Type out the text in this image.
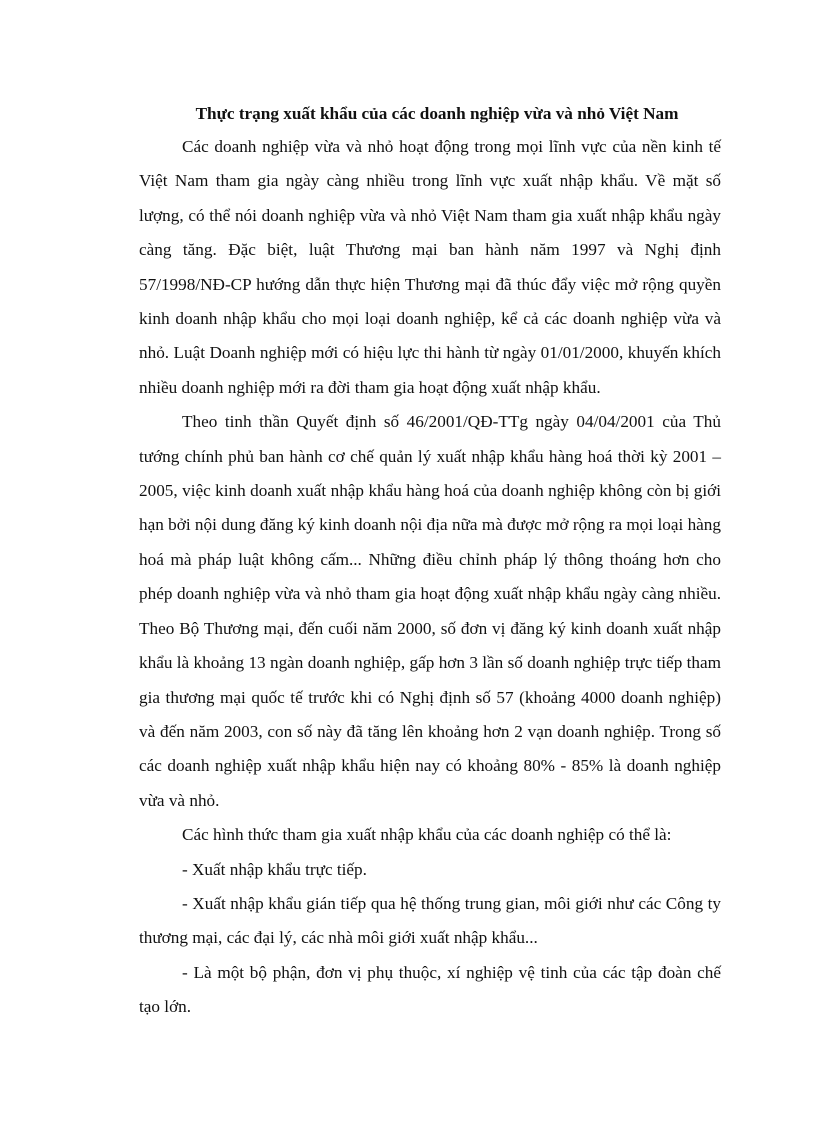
Thực trạng xuất khẩu của các doanh nghiệp vừa và nhỏ Việt Nam

Các doanh nghiệp vừa và nhỏ hoạt động trong mọi lĩnh vực của nền kinh tế Việt Nam tham gia ngày càng nhiều trong lĩnh vực xuất nhập khẩu. Về mặt số lượng, có thể nói doanh nghiệp vừa và nhỏ Việt Nam tham gia xuất nhập khẩu ngày càng tăng. Đặc biệt, luật Thương mại ban hành năm 1997 và Nghị định 57/1998/NĐ-CP hướng dẫn thực hiện Thương mại đã thúc đẩy việc mở rộng quyền kinh doanh nhập khẩu cho mọi loại doanh nghiệp, kể cả các doanh nghiệp vừa và nhỏ. Luật Doanh nghiệp mới có hiệu lực thi hành từ ngày 01/01/2000, khuyến khích nhiều doanh nghiệp mới ra đời tham gia hoạt động xuất nhập khẩu.

Theo tinh thần Quyết định số 46/2001/QĐ-TTg ngày 04/04/2001 của Thủ tướng chính phủ ban hành cơ chế quản lý xuất nhập khẩu hàng hoá thời kỳ 2001 – 2005, việc kinh doanh xuất nhập khẩu hàng hoá của doanh nghiệp không còn bị giới hạn bởi nội dung đăng ký kinh doanh nội địa nữa mà được mở rộng ra mọi loại hàng hoá mà pháp luật không cấm... Những điều chỉnh pháp lý thông thoáng hơn cho phép doanh nghiệp vừa và nhỏ tham gia hoạt động xuất nhập khẩu ngày càng nhiều. Theo Bộ Thương mại, đến cuối năm 2000, số đơn vị đăng ký kinh doanh xuất nhập khẩu là khoảng 13 ngàn doanh nghiệp, gấp hơn 3 lần số doanh nghiệp trực tiếp tham gia thương mại quốc tế trước khi có Nghị định số 57 (khoảng 4000 doanh nghiệp) và đến năm 2003, con số này đã tăng lên khoảng hơn 2 vạn doanh nghiệp. Trong số các doanh nghiệp xuất nhập khẩu hiện nay có khoảng 80% - 85% là doanh nghiệp vừa và nhỏ.

Các hình thức tham gia xuất nhập khẩu của các doanh nghiệp có thể là:

- Xuất nhập khẩu trực tiếp.

- Xuất nhập khẩu gián tiếp qua hệ thống trung gian, môi giới như các Công ty thương mại, các đại lý, các nhà môi giới xuất nhập khẩu...

- Là một bộ phận, đơn vị phụ thuộc, xí nghiệp vệ tinh của các tập đoàn chế tạo lớn.
